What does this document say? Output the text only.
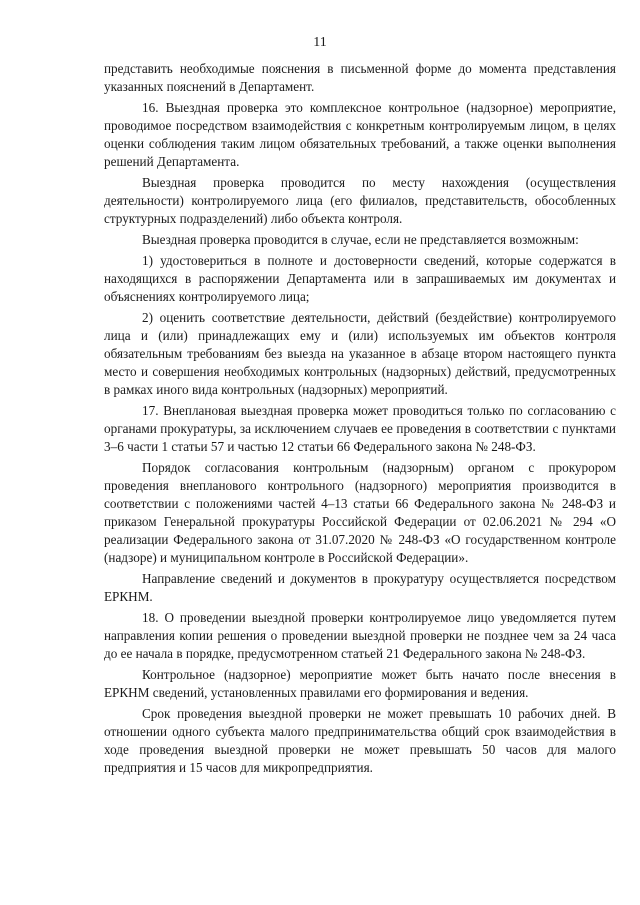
11

представить необходимые пояснения в письменной форме до момента представления указанных пояснений в Департамент.

16. Выездная проверка это комплексное контрольное (надзорное) мероприятие, проводимое посредством взаимодействия с конкретным контролируемым лицом, в целях оценки соблюдения таким лицом обязательных требований, а также оценки выполнения решений Департамента.

Выездная проверка проводится по месту нахождения (осуществления деятельности) контролируемого лица (его филиалов, представительств, обособленных структурных подразделений) либо объекта контроля.

Выездная проверка проводится в случае, если не представляется возможным:

1) удостовериться в полноте и достоверности сведений, которые содержатся в находящихся в распоряжении Департамента или в запрашиваемых им документах и объяснениях контролируемого лица;

2) оценить соответствие деятельности, действий (бездействие) контролируемого лица и (или) принадлежащих ему и (или) используемых им объектов контроля обязательным требованиям без выезда на указанное в абзаце втором настоящего пункта место и совершения необходимых контрольных (надзорных) действий, предусмотренных в рамках иного вида контрольных (надзорных) мероприятий.

17. Внеплановая выездная проверка может проводиться только по согласованию с органами прокуратуры, за исключением случаев ее проведения в соответствии с пунктами 3–6 части 1 статьи 57 и частью 12 статьи 66 Федерального закона № 248-ФЗ.

Порядок согласования контрольным (надзорным) органом с прокурором проведения внепланового контрольного (надзорного) мероприятия производится в соответствии с положениями частей 4–13 статьи 66 Федерального закона № 248-ФЗ и приказом Генеральной прокуратуры Российской Федерации от 02.06.2021 № 294 «О реализации Федерального закона от 31.07.2020 № 248-ФЗ «О государственном контроле (надзоре) и муниципальном контроле в Российской Федерации».

Направление сведений и документов в прокуратуру осуществляется посредством ЕРКНМ.

18. О проведении выездной проверки контролируемое лицо уведомляется путем направления копии решения о проведении выездной проверки не позднее чем за 24 часа до ее начала в порядке, предусмотренном статьей 21 Федерального закона № 248-ФЗ.

Контрольное (надзорное) мероприятие может быть начато после внесения в ЕРКНМ сведений, установленных правилами его формирования и ведения.

Срок проведения выездной проверки не может превышать 10 рабочих дней. В отношении одного субъекта малого предпринимательства общий срок взаимодействия в ходе проведения выездной проверки не может превышать 50 часов для малого предприятия и 15 часов для микропредприятия.
